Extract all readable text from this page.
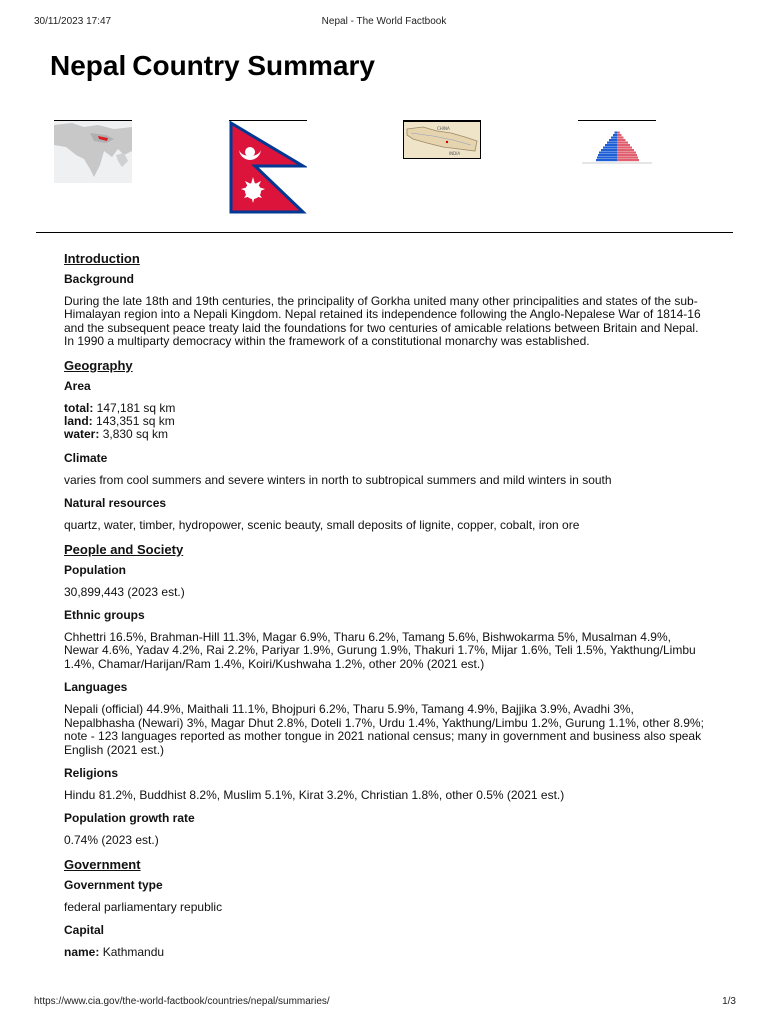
30/11/2023 17:47	Nepal - The World Factbook
Nepal Country Summary
CHINA
INDIA
Introduction

Background

During the late 18th and 19th centuries, the principality of Gorkha united many other principalities and states of the sub-Himalayan region into a Nepali Kingdom. Nepal retained its independence following the Anglo-Nepalese War of 1814-16 and the subsequent peace treaty laid the foundations for two centuries of amicable relations between Britain and Nepal. In 1990 a multiparty democracy within the framework of a constitutional monarchy was established.

Geography

Area

total: 147,181 sq km
land: 143,351 sq km
water: 3,830 sq km

Climate

varies from cool summers and severe winters in north to subtropical summers and mild winters in south

Natural resources

quartz, water, timber, hydropower, scenic beauty, small deposits of lignite, copper, cobalt, iron ore

People and Society

Population

30,899,443 (2023 est.)

Ethnic groups

Chhettri 16.5%, Brahman-Hill 11.3%, Magar 6.9%, Tharu 6.2%, Tamang 5.6%, Bishwokarma 5%, Musalman 4.9%, Newar 4.6%, Yadav 4.2%, Rai 2.2%, Pariyar 1.9%, Gurung 1.9%, Thakuri 1.7%, Mijar 1.6%, Teli 1.5%, Yakthung/Limbu 1.4%, Chamar/Harijan/Ram 1.4%, Koiri/Kushwaha 1.2%, other 20% (2021 est.)

Languages

Nepali (official) 44.9%, Maithali 11.1%, Bhojpuri 6.2%, Tharu 5.9%, Tamang 4.9%, Bajjika 3.9%, Avadhi 3%, Nepalbhasha (Newari) 3%, Magar Dhut 2.8%, Doteli 1.7%, Urdu 1.4%, Yakthung/Limbu 1.2%, Gurung 1.1%, other 8.9%; note - 123 languages reported as mother tongue in 2021 national census; many in government and business also speak English (2021 est.)

Religions

Hindu 81.2%, Buddhist 8.2%, Muslim 5.1%, Kirat 3.2%, Christian 1.8%, other 0.5% (2021 est.)

Population growth rate

0.74% (2023 est.)

Government

Government type

federal parliamentary republic

Capital

name: Kathmandu
https://www.cia.gov/the-world-factbook/countries/nepal/summaries/	1/3
